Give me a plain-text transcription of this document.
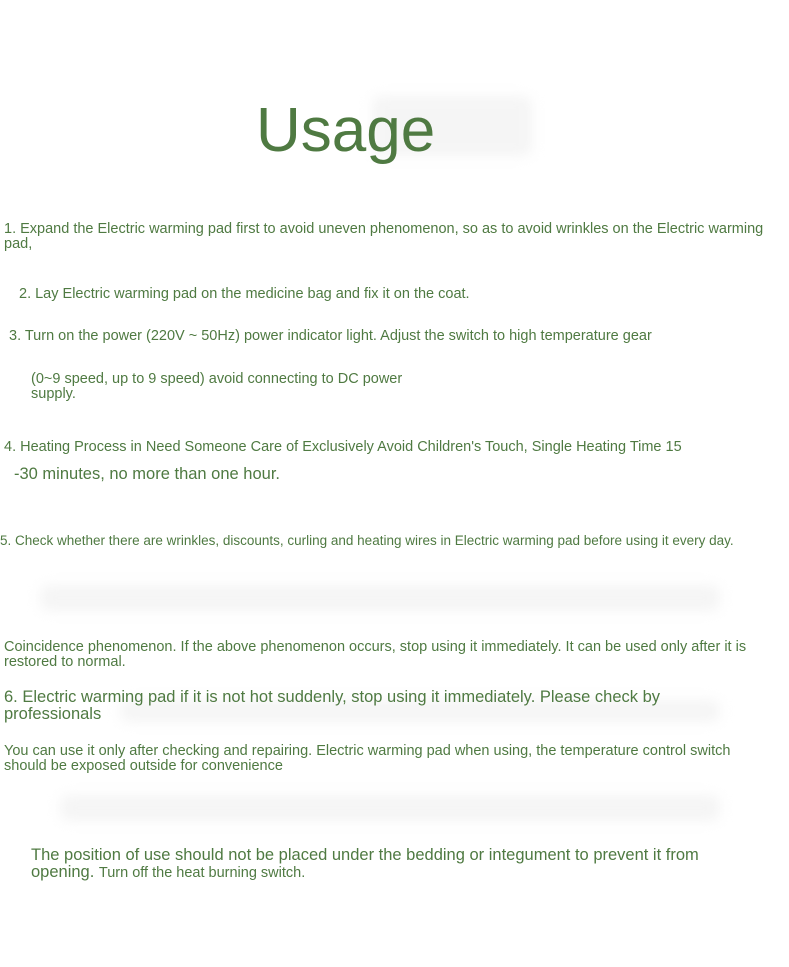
Usage
1. Expand the Electric warming pad first to avoid uneven phenomenon, so as to avoid wrinkles on the Electric warming pad,
2. Lay Electric warming pad on the medicine bag and fix it on the coat.
3. Turn on the power (220V ~ 50Hz) power indicator light. Adjust the switch to high temperature gear
(0~9 speed, up to 9 speed) avoid connecting to DC power supply.
4. Heating Process in Need Someone Care of Exclusively Avoid Children's Touch, Single Heating Time 15
-30 minutes, no more than one hour.
5. Check whether there are wrinkles, discounts, curling and heating wires in Electric warming pad before using it every day.
Coincidence phenomenon. If the above phenomenon occurs, stop using it immediately. It can be used only after it is restored to normal.
6. Electric warming pad if it is not hot suddenly, stop using it immediately. Please check by professionals
You can use it only after checking and repairing. Electric warming pad when using, the temperature control switch should be exposed outside for convenience
The position of use should not be placed under the bedding or integument to prevent it from opening. Turn off the heat burning switch.
